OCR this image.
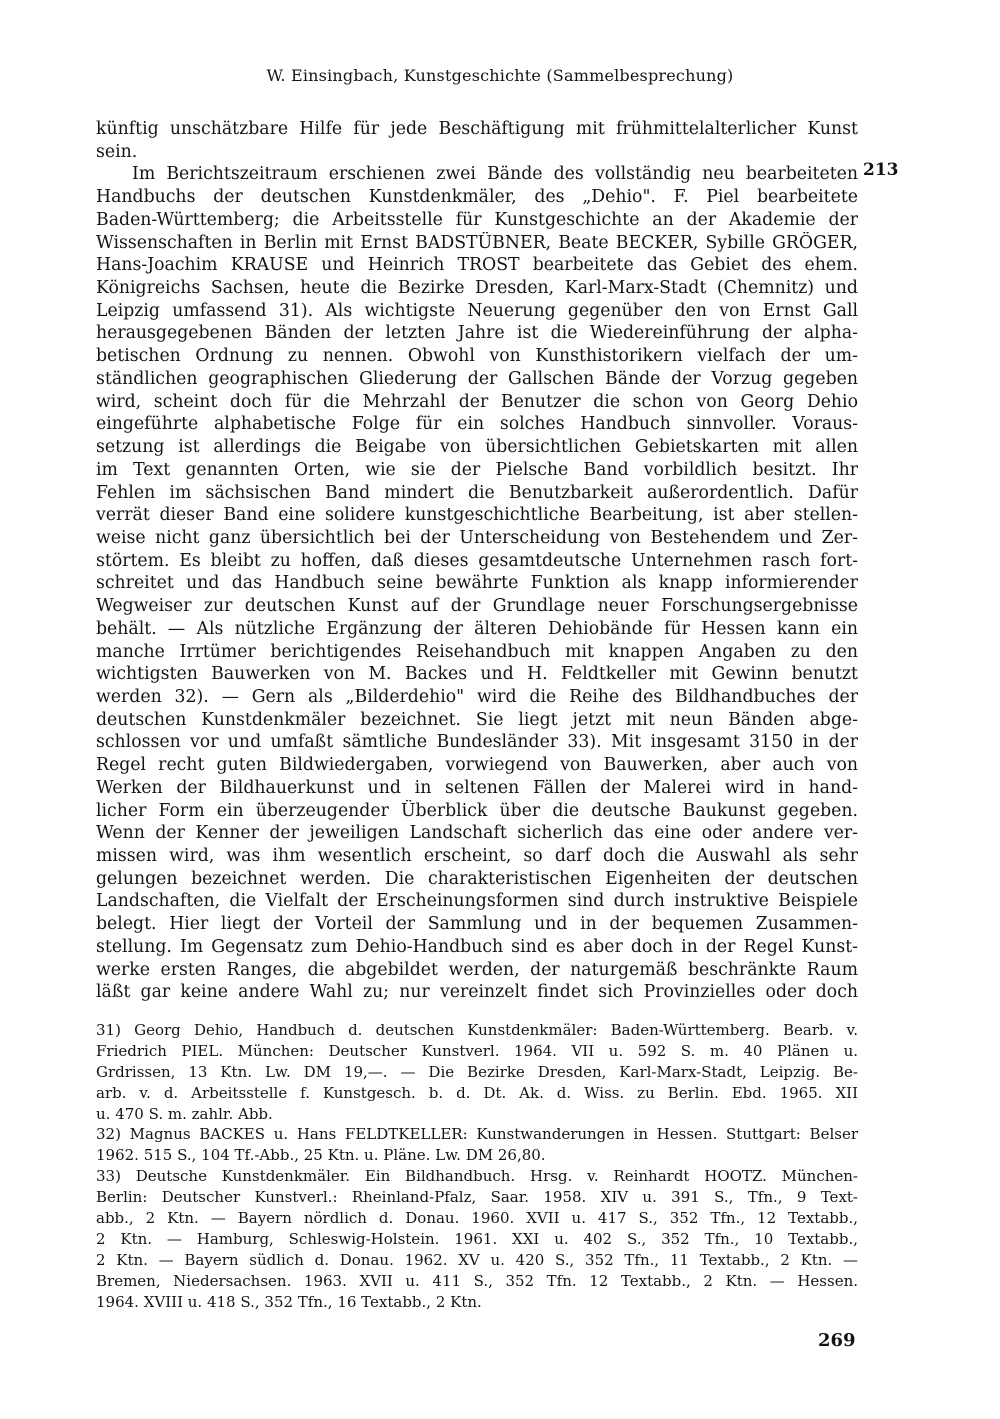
W. Einsingbach, Kunstgeschichte (Sammelbesprechung)
213
künftig unschätzbare Hilfe für jede Beschäftigung mit frühmittelalterlicher Kunst
sein.
Im Berichtszeitraum erschienen zwei Bände des vollständig neu bearbeiteten
Handbuchs der deutschen Kunstdenkmäler, des „Dehio". F. Piel bearbeitete
Baden-Württemberg; die Arbeitsstelle für Kunstgeschichte an der Akademie der
Wissenschaften in Berlin mit Ernst BADSTÜBNER, Beate BECKER, Sybille GRÖGER,
Hans-Joachim KRAUSE und Heinrich TROST bearbeitete das Gebiet des ehem.
Königreichs Sachsen, heute die Bezirke Dresden, Karl-Marx-Stadt (Chemnitz) und
Leipzig umfassend 31). Als wichtigste Neuerung gegenüber den von Ernst Gall
herausgegebenen Bänden der letzten Jahre ist die Wiedereinführung der alpha-
betischen Ordnung zu nennen. Obwohl von Kunsthistorikern vielfach der um-
ständlichen geographischen Gliederung der Gallschen Bände der Vorzug gegeben
wird, scheint doch für die Mehrzahl der Benutzer die schon von Georg Dehio
eingeführte alphabetische Folge für ein solches Handbuch sinnvoller. Voraus-
setzung ist allerdings die Beigabe von übersichtlichen Gebietskarten mit allen
im Text genannten Orten, wie sie der Pielsche Band vorbildlich besitzt. Ihr
Fehlen im sächsischen Band mindert die Benutzbarkeit außerordentlich. Dafür
verrät dieser Band eine solidere kunstgeschichtliche Bearbeitung, ist aber stellen-
weise nicht ganz übersichtlich bei der Unterscheidung von Bestehendem und Zer-
störtem. Es bleibt zu hoffen, daß dieses gesamtdeutsche Unternehmen rasch fort-
schreitet und das Handbuch seine bewährte Funktion als knapp informierender
Wegweiser zur deutschen Kunst auf der Grundlage neuer Forschungsergebnisse
behält. — Als nützliche Ergänzung der älteren Dehiobände für Hessen kann ein
manche Irrtümer berichtigendes Reisehandbuch mit knappen Angaben zu den
wichtigsten Bauwerken von M. Backes und H. Feldtkeller mit Gewinn benutzt
werden 32). — Gern als „Bilderdehio" wird die Reihe des Bildhandbuches der
deutschen Kunstdenkmäler bezeichnet. Sie liegt jetzt mit neun Bänden abge-
schlossen vor und umfaßt sämtliche Bundesländer 33). Mit insgesamt 3150 in der
Regel recht guten Bildwiedergaben, vorwiegend von Bauwerken, aber auch von
Werken der Bildhauerkunst und in seltenen Fällen der Malerei wird in hand-
licher Form ein überzeugender Überblick über die deutsche Baukunst gegeben.
Wenn der Kenner der jeweiligen Landschaft sicherlich das eine oder andere ver-
missen wird, was ihm wesentlich erscheint, so darf doch die Auswahl als sehr
gelungen bezeichnet werden. Die charakteristischen Eigenheiten der deutschen
Landschaften, die Vielfalt der Erscheinungsformen sind durch instruktive Beispiele
belegt. Hier liegt der Vorteil der Sammlung und in der bequemen Zusammen-
stellung. Im Gegensatz zum Dehio-Handbuch sind es aber doch in der Regel Kunst-
werke ersten Ranges, die abgebildet werden, der naturgemäß beschränkte Raum
läßt gar keine andere Wahl zu; nur vereinzelt findet sich Provinzielles oder doch
31) Georg Dehio, Handbuch d. deutschen Kunstdenkmäler: Baden-Württemberg. Bearb. v.
Friedrich PIEL. München: Deutscher Kunstverl. 1964. VII u. 592 S. m. 40 Plänen u.
Grdrissen, 13 Ktn. Lw. DM 19,—. — Die Bezirke Dresden, Karl-Marx-Stadt, Leipzig. Be-
arb. v. d. Arbeitsstelle f. Kunstgesch. b. d. Dt. Ak. d. Wiss. zu Berlin. Ebd. 1965. XII
u. 470 S. m. zahlr. Abb.
32) Magnus BACKES u. Hans FELDTKELLER: Kunstwanderungen in Hessen. Stuttgart: Belser
1962. 515 S., 104 Tf.-Abb., 25 Ktn. u. Pläne. Lw. DM 26,80.
33) Deutsche Kunstdenkmäler. Ein Bildhandbuch. Hrsg. v. Reinhardt HOOTZ. München-
Berlin: Deutscher Kunstverl.: Rheinland-Pfalz, Saar. 1958. XIV u. 391 S., Tfn., 9 Text-
abb., 2 Ktn. — Bayern nördlich d. Donau. 1960. XVII u. 417 S., 352 Tfn., 12 Textabb.,
2 Ktn. — Hamburg, Schleswig-Holstein. 1961. XXI u. 402 S., 352 Tfn., 10 Textabb.,
2 Ktn. — Bayern südlich d. Donau. 1962. XV u. 420 S., 352 Tfn., 11 Textabb., 2 Ktn. —
Bremen, Niedersachsen. 1963. XVII u. 411 S., 352 Tfn. 12 Textabb., 2 Ktn. — Hessen.
1964. XVIII u. 418 S., 352 Tfn., 16 Textabb., 2 Ktn.
269
